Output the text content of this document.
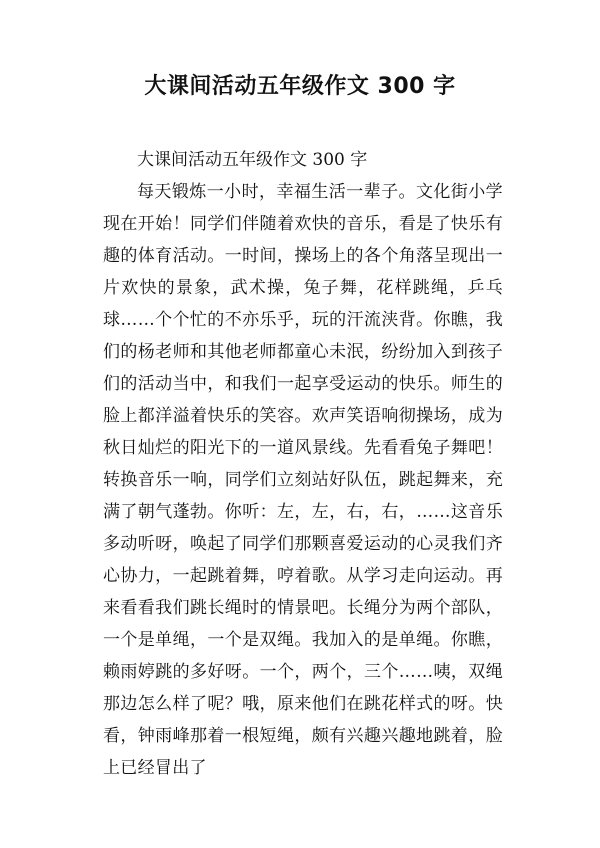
大课间活动五年级作文 300 字

大课间活动五年级作文 300 字

每天锻炼一小时，幸福生活一辈子。文化街小学现在开始！同学们伴随着欢快的音乐，看是了快乐有趣的体育活动。一时间，操场上的各个角落呈现出一片欢快的景象，武术操，兔子舞，花样跳绳，乒乓球……个个忙的不亦乐乎，玩的汗流浃背。你瞧，我们的杨老师和其他老师都童心未泯，纷纷加入到孩子们的活动当中，和我们一起享受运动的快乐。师生的脸上都洋溢着快乐的笑容。欢声笑语响彻操场，成为秋日灿烂的阳光下的一道风景线。先看看兔子舞吧！转换音乐一响，同学们立刻站好队伍，跳起舞来，充满了朝气蓬勃。你听：左，左，右，右，……这音乐多动听呀，唤起了同学们那颗喜爱运动的心灵我们齐心协力，一起跳着舞，哼着歌。从学习走向运动。再来看看我们跳长绳时的情景吧。长绳分为两个部队，一个是单绳，一个是双绳。我加入的是单绳。你瞧，赖雨婷跳的多好呀。一个，两个，三个……咦，双绳那边怎么样了呢？哦，原来他们在跳花样式的呀。快看，钟雨峰那着一根短绳，颇有兴趣兴趣地跳着，脸上已经冒出了
